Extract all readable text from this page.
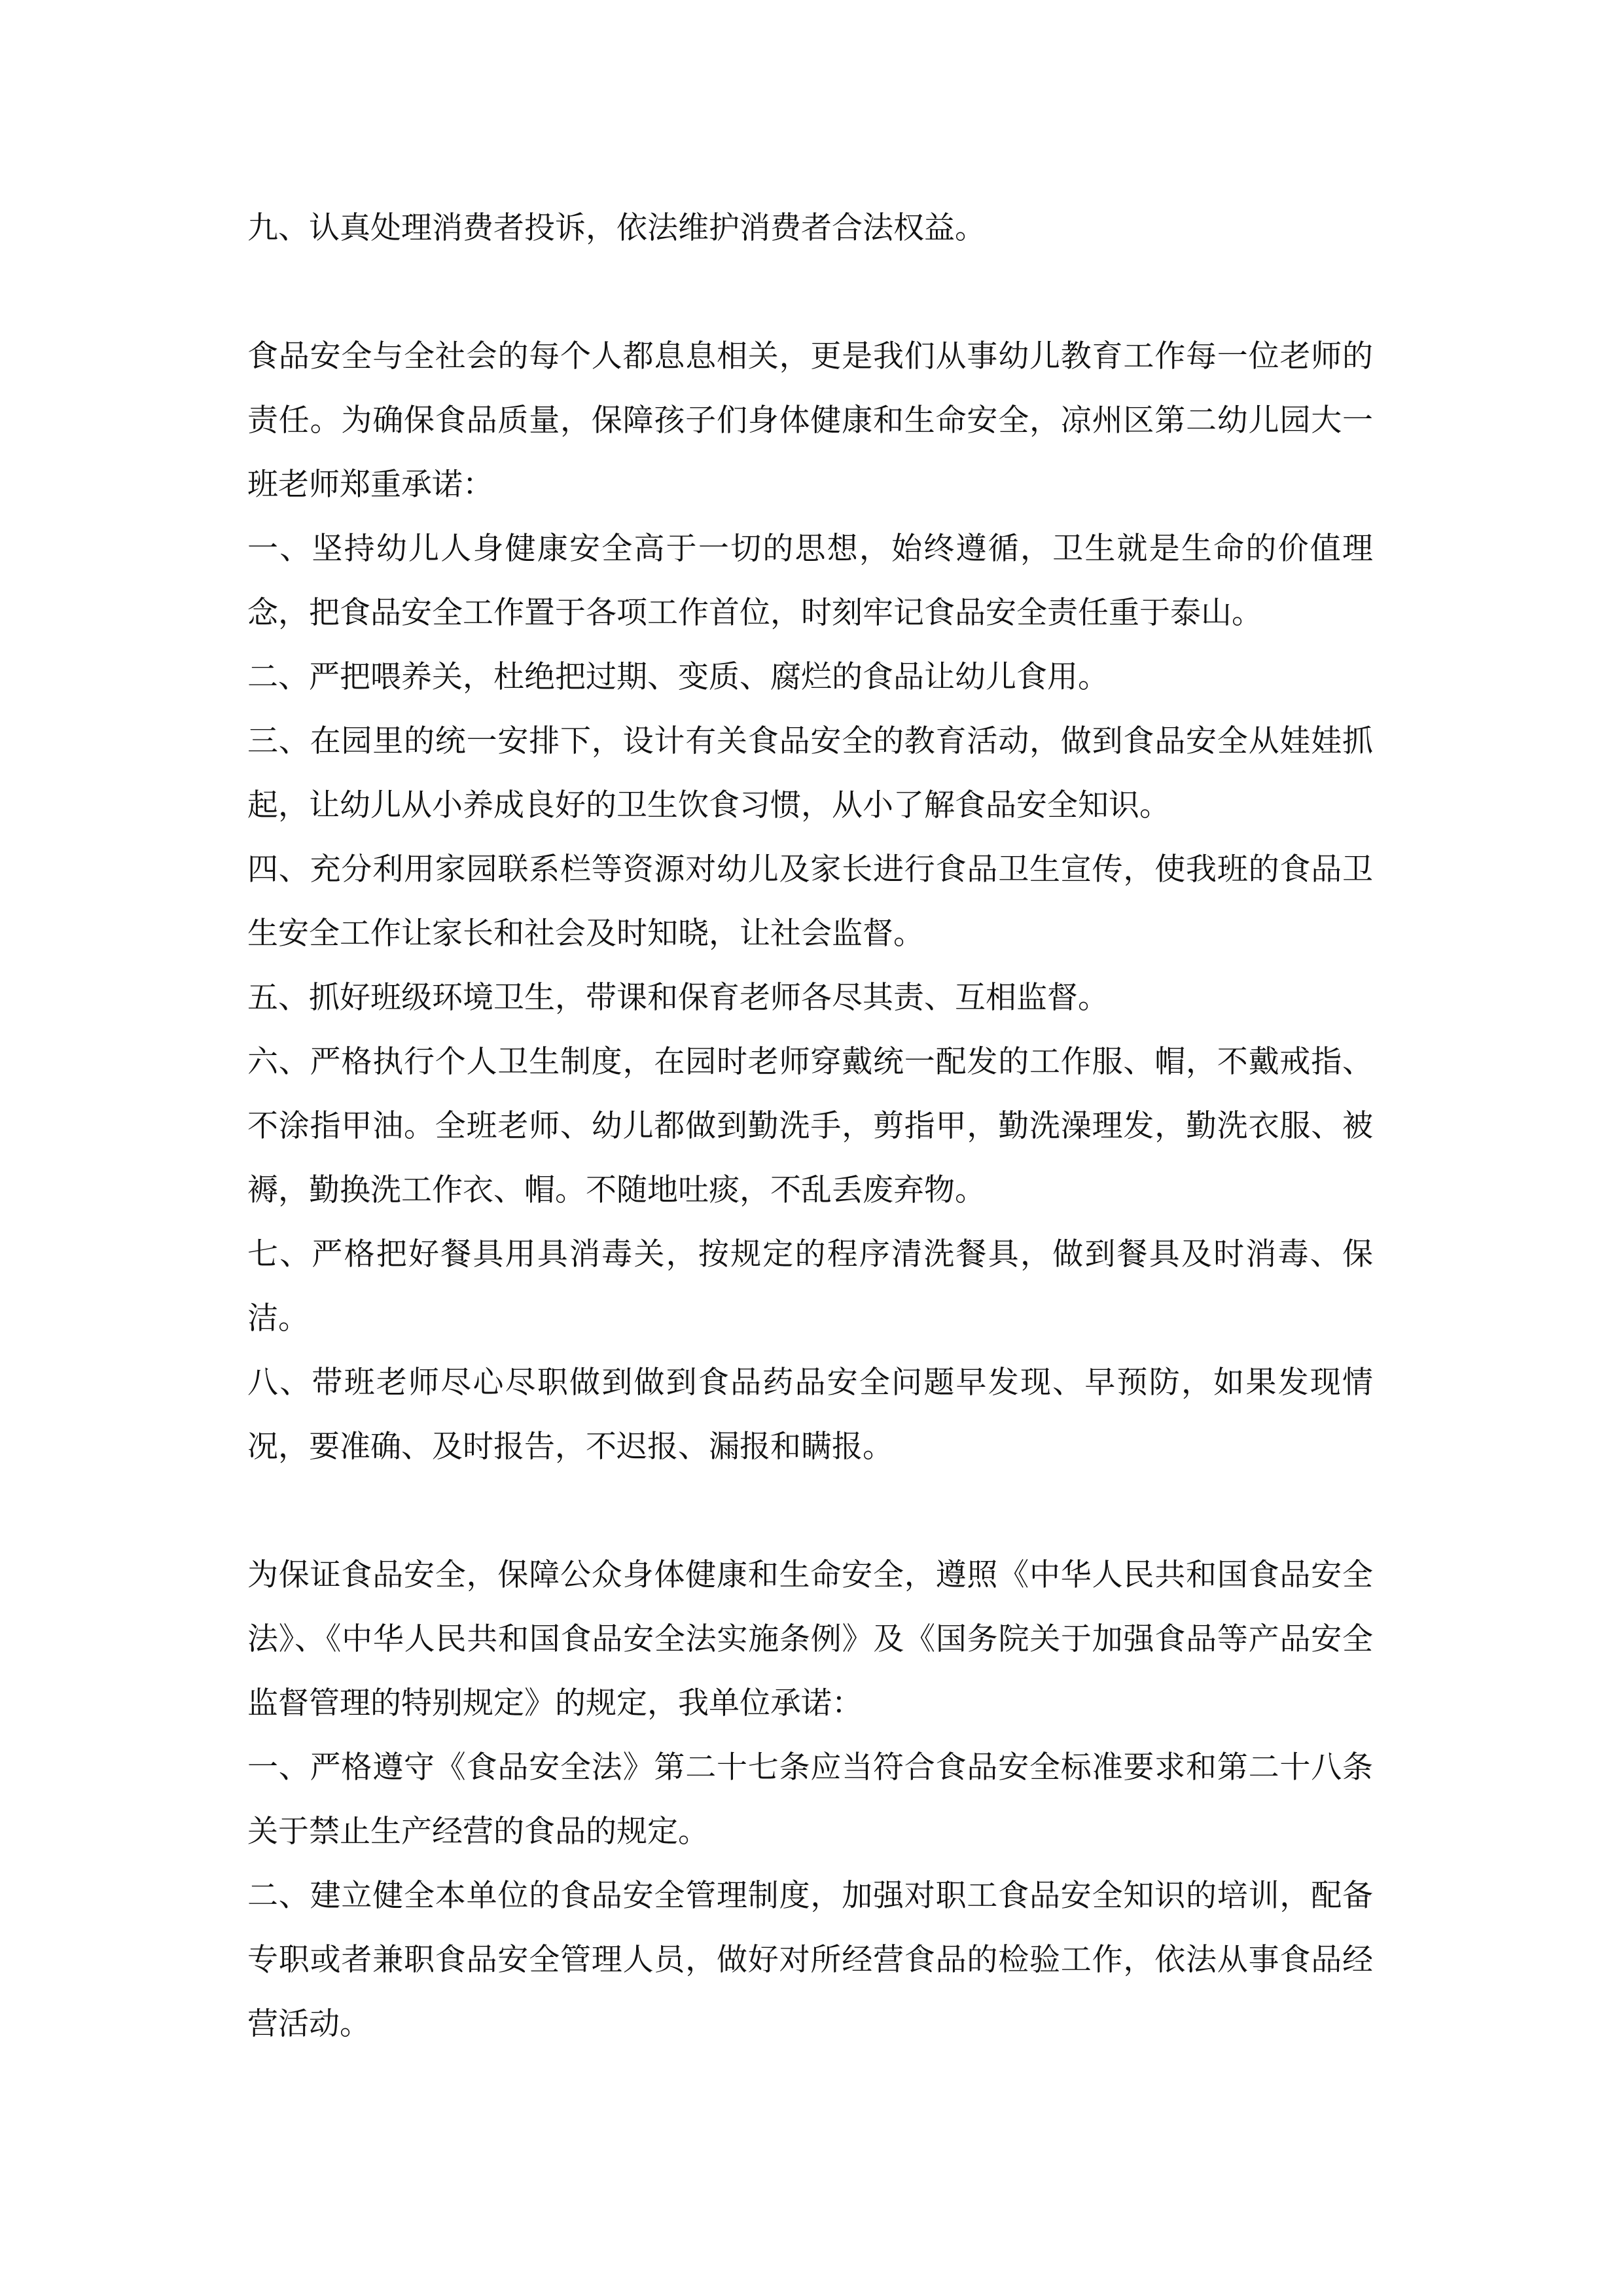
九、认真处理消费者投诉，依法维护消费者合法权益。

食品安全与全社会的每个人都息息相关，更是我们从事幼儿教育工作每一位老师的责任。为确保食品质量，保障孩子们身体健康和生命安全，凉州区第二幼儿园大一班老师郑重承诺：

一、坚持幼儿人身健康安全高于一切的思想，始终遵循，卫生就是生命的价值理念，把食品安全工作置于各项工作首位，时刻牢记食品安全责任重于泰山。

二、严把喂养关，杜绝把过期、变质、腐烂的食品让幼儿食用。

三、在园里的统一安排下，设计有关食品安全的教育活动，做到食品安全从娃娃抓起，让幼儿从小养成良好的卫生饮食习惯，从小了解食品安全知识。

四、充分利用家园联系栏等资源对幼儿及家长进行食品卫生宣传，使我班的食品卫生安全工作让家长和社会及时知晓，让社会监督。

五、抓好班级环境卫生，带课和保育老师各尽其责、互相监督。

六、严格执行个人卫生制度，在园时老师穿戴统一配发的工作服、帽，不戴戒指、不涂指甲油。全班老师、幼儿都做到勤洗手，剪指甲，勤洗澡理发，勤洗衣服、被褥，勤换洗工作衣、帽。不随地吐痰，不乱丢废弃物。

七、严格把好餐具用具消毒关，按规定的程序清洗餐具，做到餐具及时消毒、保洁。

八、带班老师尽心尽职做到做到食品药品安全问题早发现、早预防，如果发现情况，要准确、及时报告，不迟报、漏报和瞒报。

为保证食品安全，保障公众身体健康和生命安全，遵照《中华人民共和国食品安全法》、《中华人民共和国食品安全法实施条例》及《国务院关于加强食品等产品安全监督管理的特别规定》的规定，我单位承诺：

一、严格遵守《食品安全法》第二十七条应当符合食品安全标准要求和第二十八条关于禁止生产经营的食品的规定。

二、建立健全本单位的食品安全管理制度，加强对职工食品安全知识的培训，配备专职或者兼职食品安全管理人员，做好对所经营食品的检验工作，依法从事食品经营活动。
